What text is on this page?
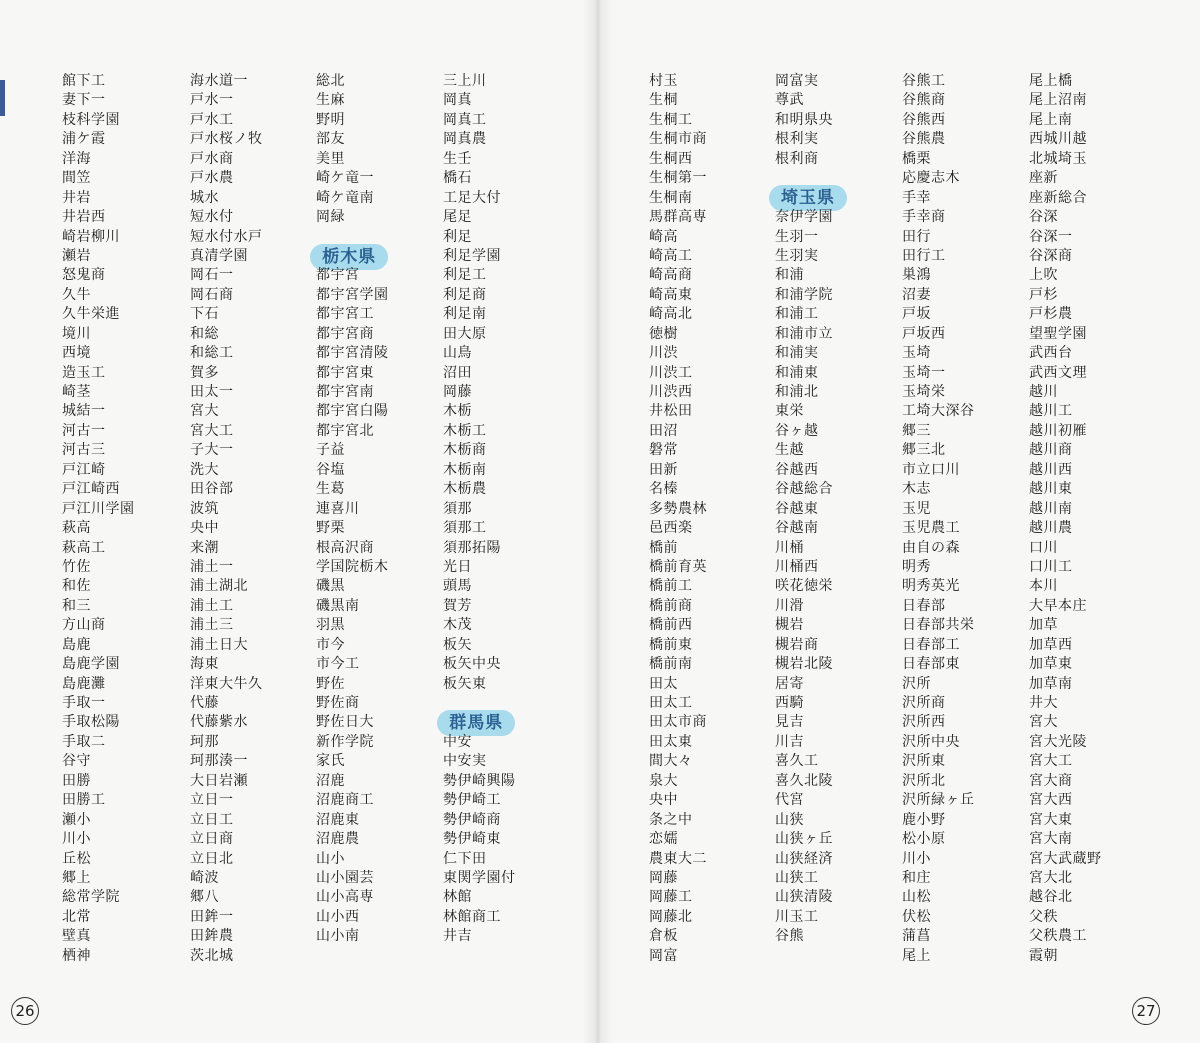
館下工
妻下一
枝科学園
浦ケ霞
洋海
間笠
井岩
井岩西
崎岩柳川
瀬岩
怒鬼商
久牛
久牛栄進
境川
西境
造玉工
崎茎
城結一
河古一
河古三
戸江崎
戸江崎西
戸江川学園
萩高
萩高工
竹佐
和佐
和三
方山商
島鹿
島鹿学園
島鹿灘
手取一
手取松陽
手取二
谷守
田勝
田勝工
瀬小
川小
丘松
郷上
総常学院
北常
壁真
栖神
海水道一
戸水一
戸水工
戸水桜ノ牧
戸水商
戸水農
城水
短水付
短水付水戸
真清学園
岡石一
岡石商
下石
和総
和総工
賀多
田太一
宮大
宮大工
子大一
洗大
田谷部
波筑
央中
来潮
浦土一
浦土湖北
浦土工
浦土三
浦土日大
海東
洋東大牛久
代藤
代藤紫水
珂那
珂那湊一
大日岩瀬
立日一
立日工
立日商
立日北
崎波
郷八
田鉾一
田鉾農
茨北城
総北
生麻
野明
部友
美里
崎ケ竜一
崎ケ竜南
岡緑
栃木県
都宇宮
都宇宮学園
都宇宮工
都宇宮商
都宇宮清陵
都宇宮東
都宇宮南
都宇宮白陽
都宇宮北
子益
谷塩
生葛
連喜川
野栗
根高沢商
学国院栃木
磯黒
磯黒南
羽黒
市今
市今工
野佐
野佐商
野佐日大
新作学院
家氏
沼鹿
沼鹿商工
沼鹿東
沼鹿農
山小
山小園芸
山小高専
山小西
山小南
三上川
岡真
岡真工
岡真農
生壬
橋石
工足大付
尾足
利足
利足学園
利足工
利足商
利足南
田大原
山鳥
沼田
岡藤
木栃
木栃工
木栃商
木栃南
木栃農
須那
須那工
須那拓陽
光日
頭馬
賀芳
木茂
板矢
板矢中央
板矢東
群馬県
中安
中安実
勢伊崎興陽
勢伊崎工
勢伊崎商
勢伊崎東
仁下田
東関学園付
林館
林館商工
井吉
26
村玉
生桐
生桐工
生桐市商
生桐西
生桐第一
生桐南
馬群高専
崎高
崎高工
崎高商
崎高東
崎高北
徳樹
川渋
川渋工
川渋西
井松田
田沼
磐常
田新
名榛
多勢農林
邑西楽
橋前
橋前育英
橋前工
橋前商
橋前西
橋前東
橋前南
田太
田太工
田太市商
田太東
間大々
泉大
央中
条之中
恋嬬
農東大二
岡藤
岡藤工
岡藤北
倉板
岡富
岡富実
尊武
和明県央
根利実
根利商
埼玉県
奈伊学園
生羽一
生羽実
和浦
和浦学院
和浦工
和浦市立
和浦実
和浦東
和浦北
東栄
谷ヶ越
生越
谷越西
谷越総合
谷越東
谷越南
川桶
川桶西
咲花徳栄
川滑
槻岩
槻岩商
槻岩北陵
居寄
西騎
見吉
川吉
喜久工
喜久北陵
代宮
山狭
山狭ヶ丘
山狭経済
山狭工
山狭清陵
川玉工
谷熊
谷熊工
谷熊商
谷熊西
谷熊農
橋栗
応慶志木
手幸
手幸商
田行
田行工
巣鴻
沼妻
戸坂
戸坂西
玉埼
玉埼一
玉埼栄
工埼大深谷
郷三
郷三北
市立口川
木志
玉児
玉児農工
由自の森
明秀
明秀英光
日春部
日春部共栄
日春部工
日春部東
沢所
沢所商
沢所西
沢所中央
沢所東
沢所北
沢所緑ヶ丘
鹿小野
松小原
川小
和庄
山松
伏松
蒲菖
尾上
尾上橋
尾上沼南
尾上南
西城川越
北城埼玉
座新
座新総合
谷深
谷深一
谷深商
上吹
戸杉
戸杉農
望聖学園
武西台
武西文理
越川
越川工
越川初雁
越川商
越川西
越川東
越川南
越川農
口川
口川工
本川
大早本庄
加草
加草西
加草東
加草南
井大
宮大
宮大光陵
宮大工
宮大商
宮大西
宮大東
宮大南
宮大武蔵野
宮大北
越谷北
父秩
父秩農工
霞朝
27
